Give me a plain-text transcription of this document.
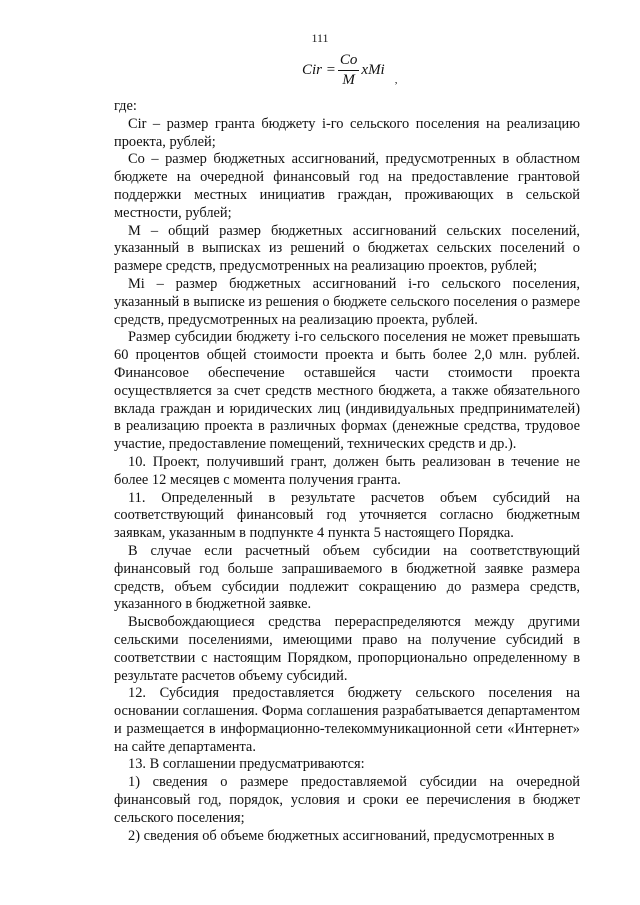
111
Cir = $\frac{Co}{M}$ xMi
,

где:

Cir – размер гранта бюджету i-го сельского поселения на реализацию проекта, рублей;

Со – размер бюджетных ассигнований, предусмотренных в областном бюджете на очередной финансовый год на предоставление грантовой поддержки местных инициатив граждан, проживающих в сельской местности, рублей;

М – общий размер бюджетных ассигнований сельских поселений, указанный в выписках из решений о бюджетах сельских поселений о размере средств, предусмотренных на реализацию проектов, рублей;

Mi – размер бюджетных ассигнований i-го сельского поселения, указанный в выписке из решения о бюджете сельского поселения о размере средств, предусмотренных на реализацию проекта, рублей.

Размер субсидии бюджету i-го сельского поселения не может превышать 60 процентов общей стоимости проекта и быть более 2,0 млн. рублей. Финансовое обеспечение оставшейся части стоимости проекта осуществляется за счет средств местного бюджета, а также обязательного вклада граждан и юридических лиц (индивидуальных предпринимателей) в реализацию проекта в различных формах (денежные средства, трудовое участие, предоставление помещений, технических средств и др.).

10. Проект, получивший грант, должен быть реализован в течение не более 12 месяцев с момента получения гранта.

11. Определенный в результате расчетов объем субсидий на соответствующий финансовый год уточняется согласно бюджетным заявкам, указанным в подпункте 4 пункта 5 настоящего Порядка.

В случае если расчетный объем субсидии на соответствующий финансовый год больше запрашиваемого в бюджетной заявке размера средств, объем субсидии подлежит сокращению до размера средств, указанного в бюджетной заявке.

Высвобождающиеся средства перераспределяются между другими сельскими поселениями, имеющими право на получение субсидий в соответствии с настоящим Порядком, пропорционально определенному в результате расчетов объему субсидий.

12. Субсидия предоставляется бюджету сельского поселения на основании соглашения. Форма соглашения разрабатывается департаментом и размещается в информационно-телекоммуникационной сети «Интернет» на сайте департамента.

13. В соглашении предусматриваются:

1) сведения о размере предоставляемой субсидии на очередной финансовый год, порядок, условия и сроки ее перечисления в бюджет сельского поселения;

2) сведения об объеме бюджетных ассигнований, предусмотренных в
